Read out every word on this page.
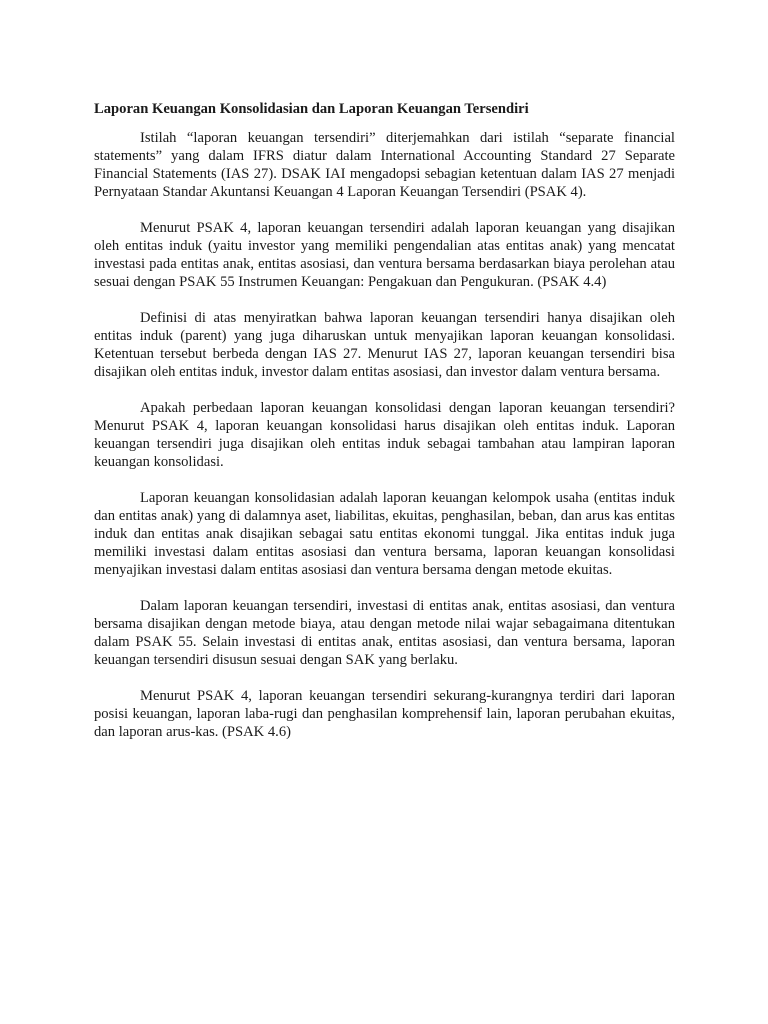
Laporan Keuangan Konsolidasian dan Laporan Keuangan Tersendiri

Istilah “laporan keuangan tersendiri” diterjemahkan dari istilah “separate financial statements” yang dalam IFRS diatur dalam International Accounting Standard 27 Separate Financial Statements (IAS 27). DSAK IAI mengadopsi sebagian ketentuan dalam IAS 27 menjadi Pernyataan Standar Akuntansi Keuangan 4 Laporan Keuangan Tersendiri (PSAK 4).

Menurut PSAK 4, laporan keuangan tersendiri adalah laporan keuangan yang disajikan oleh entitas induk (yaitu investor yang memiliki pengendalian atas entitas anak) yang mencatat investasi pada entitas anak, entitas asosiasi, dan ventura bersama berdasarkan biaya perolehan atau sesuai dengan PSAK 55 Instrumen Keuangan: Pengakuan dan Pengukuran. (PSAK 4.4)

Definisi di atas menyiratkan bahwa laporan keuangan tersendiri hanya disajikan oleh entitas induk (parent) yang juga diharuskan untuk menyajikan laporan keuangan konsolidasi. Ketentuan tersebut berbeda dengan IAS 27. Menurut IAS 27, laporan keuangan tersendiri bisa disajikan oleh entitas induk, investor dalam entitas asosiasi, dan investor dalam ventura bersama.

Apakah perbedaan laporan keuangan konsolidasi dengan laporan keuangan tersendiri? Menurut PSAK 4, laporan keuangan konsolidasi harus disajikan oleh entitas induk. Laporan keuangan tersendiri juga disajikan oleh entitas induk sebagai tambahan atau lampiran laporan keuangan konsolidasi.

Laporan keuangan konsolidasian adalah laporan keuangan kelompok usaha (entitas induk dan entitas anak) yang di dalamnya aset, liabilitas, ekuitas, penghasilan, beban, dan arus kas entitas induk dan entitas anak disajikan sebagai satu entitas ekonomi tunggal. Jika entitas induk juga memiliki investasi dalam entitas asosiasi dan ventura bersama, laporan keuangan konsolidasi menyajikan investasi dalam entitas asosiasi dan ventura bersama dengan metode ekuitas.

Dalam laporan keuangan tersendiri, investasi di entitas anak, entitas asosiasi, dan ventura bersama disajikan dengan metode biaya, atau dengan metode nilai wajar sebagaimana ditentukan dalam PSAK 55. Selain investasi di entitas anak, entitas asosiasi, dan ventura bersama, laporan keuangan tersendiri disusun sesuai dengan SAK yang berlaku.

Menurut PSAK 4, laporan keuangan tersendiri sekurang-kurangnya terdiri dari laporan posisi keuangan, laporan laba-rugi dan penghasilan komprehensif lain, laporan perubahan ekuitas, dan laporan arus-kas. (PSAK 4.6)
